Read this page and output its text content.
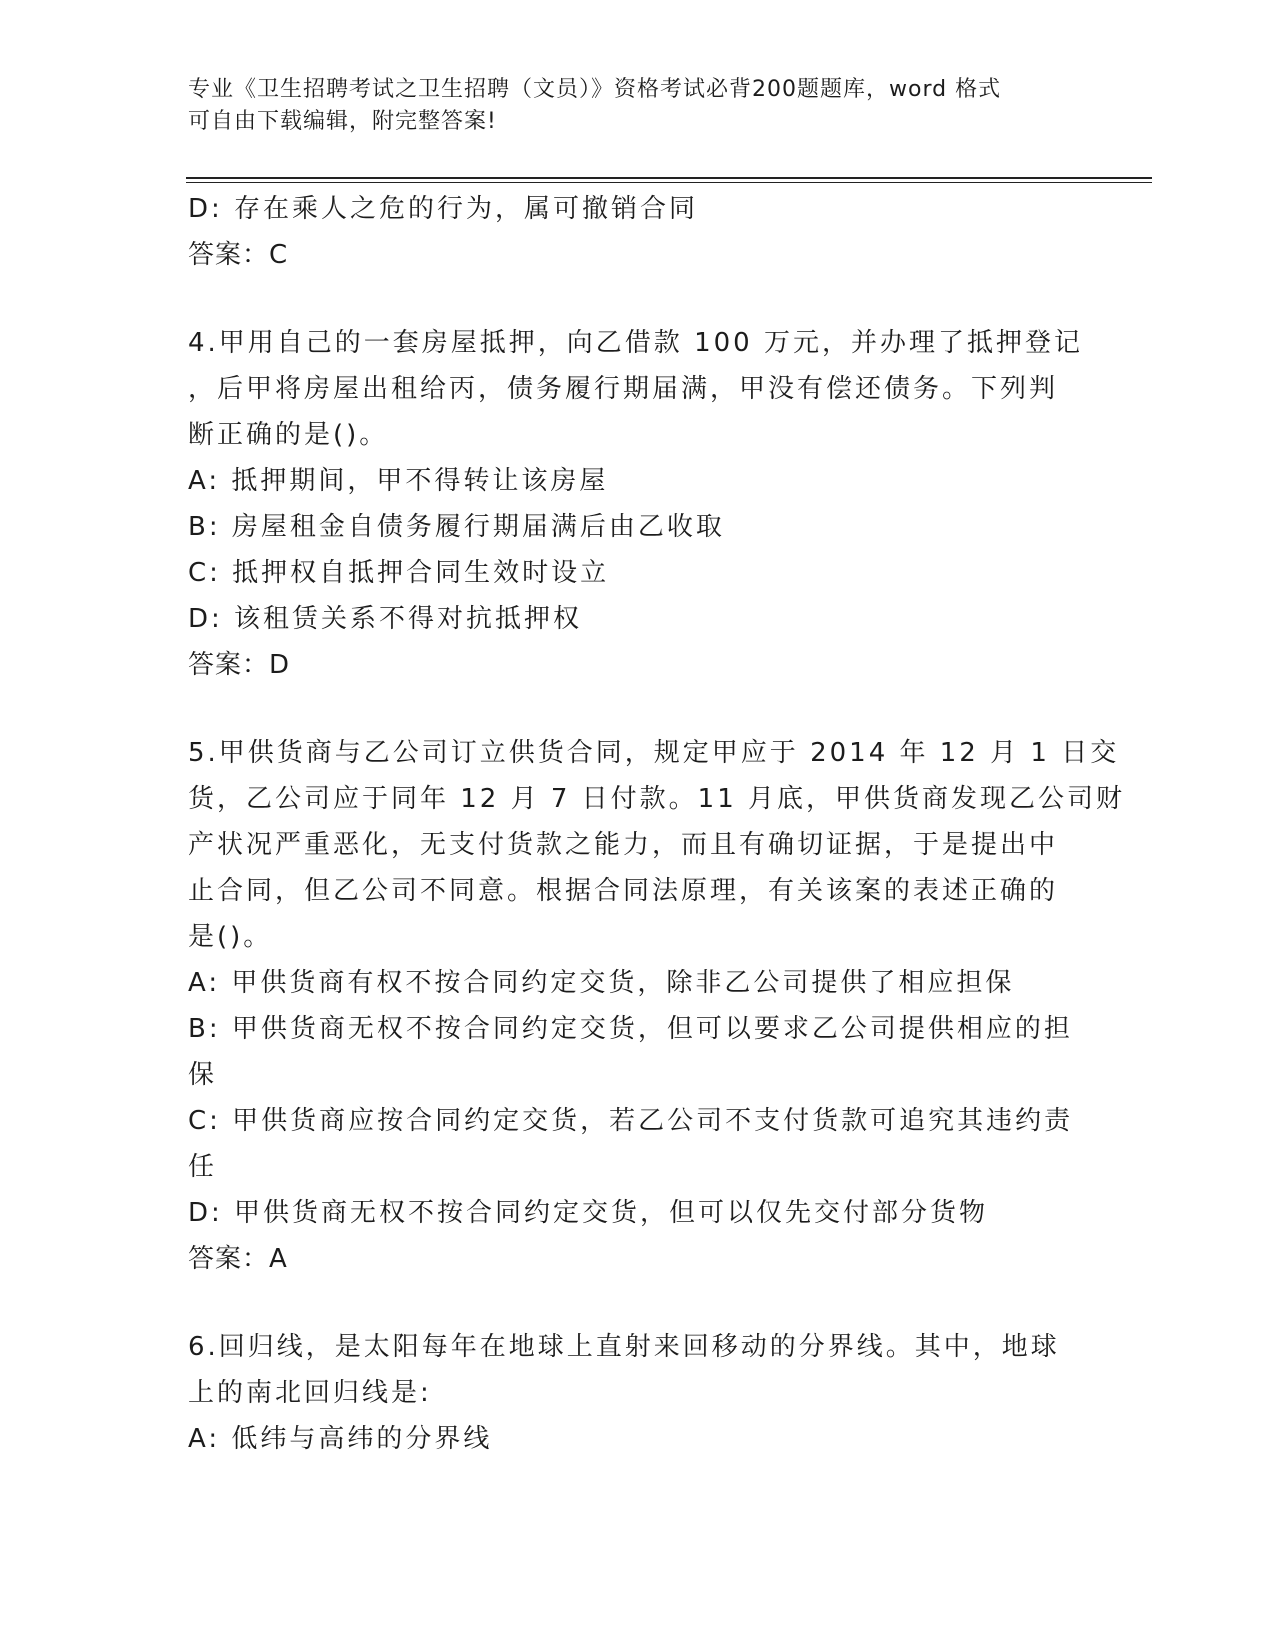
专业《卫生招聘考试之卫生招聘（文员）》资格考试必背200题题库，word 格式
可自由下载编辑，附完整答案!

D: 存在乘人之危的行为，属可撤销合同

答案：C

4.甲用自己的一套房屋抵押，向乙借款 100 万元，并办理了抵押登记

，后甲将房屋出租给丙，债务履行期届满，甲没有偿还债务。下列判

断正确的是()。

A: 抵押期间，甲不得转让该房屋

B: 房屋租金自债务履行期届满后由乙收取

C: 抵押权自抵押合同生效时设立

D: 该租赁关系不得对抗抵押权

答案：D

5.甲供货商与乙公司订立供货合同，规定甲应于 2014 年 12 月 1 日交

货，乙公司应于同年 12 月 7 日付款。11 月底，甲供货商发现乙公司财

产状况严重恶化，无支付货款之能力，而且有确切证据，于是提出中

止合同，但乙公司不同意。根据合同法原理，有关该案的表述正确的

是()。

A: 甲供货商有权不按合同约定交货，除非乙公司提供了相应担保

B: 甲供货商无权不按合同约定交货，但可以要求乙公司提供相应的担

保

C: 甲供货商应按合同约定交货，若乙公司不支付货款可追究其违约责

任

D: 甲供货商无权不按合同约定交货，但可以仅先交付部分货物

答案：A

6.回归线，是太阳每年在地球上直射来回移动的分界线。其中，地球

上的南北回归线是:

A: 低纬与高纬的分界线
